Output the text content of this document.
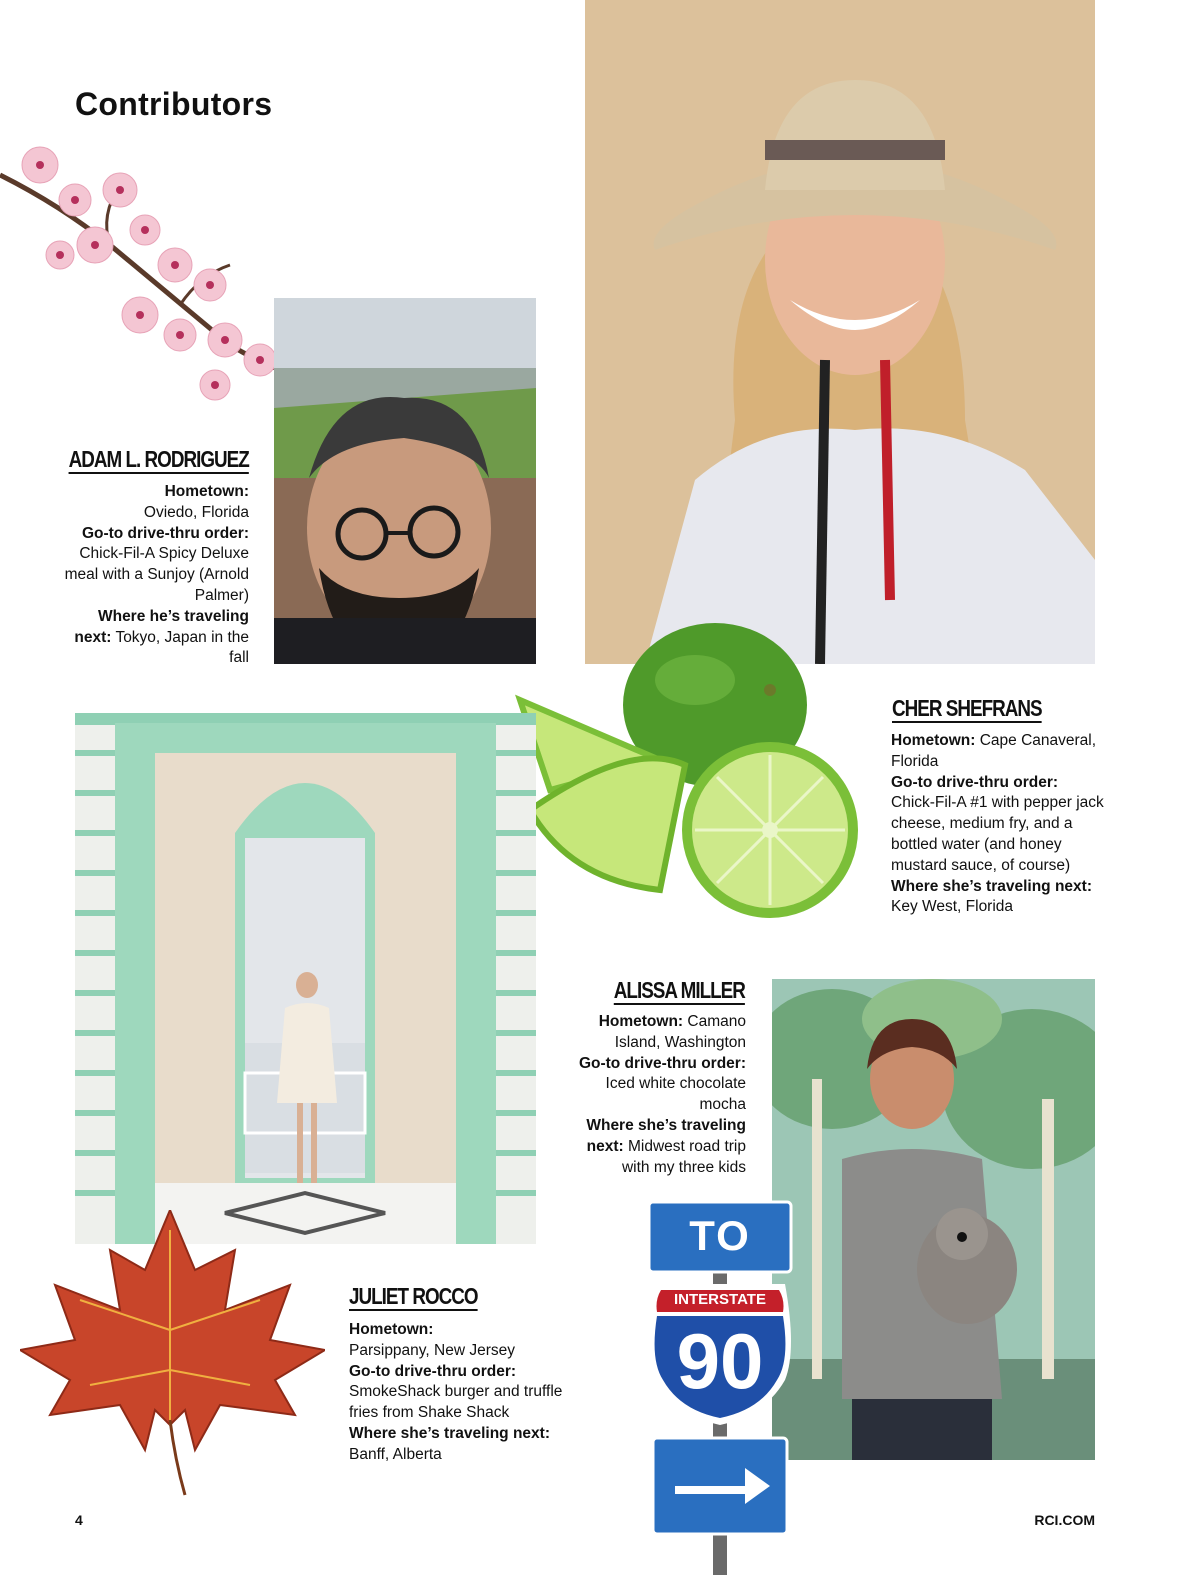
Contributors
ADAM L. RODRIGUEZ
Hometown:
Oviedo, Florida
Go-to drive-thru order:
Chick-Fil-A Spicy Deluxe meal with a Sunjoy (Arnold Palmer)
Where he’s traveling next: Tokyo, Japan in the fall
CHER SHEFRANS
Hometown: Cape Canaveral, Florida
Go-to drive-thru order:
Chick-Fil-A #1 with pepper jack cheese, medium fry, and a bottled water (and honey mustard sauce, of course)
Where she’s traveling next: Key West, Florida
JULIET ROCCO
Hometown:
Parsippany, New Jersey
Go-to drive-thru order:
SmokeShack burger and truffle fries from Shake Shack
Where she’s traveling next: Banff, Alberta
ALISSA MILLER
Hometown: Camano Island, Washington
Go-to drive-thru order: Iced white chocolate mocha
Where she’s traveling next: Midwest road trip with my three kids
TO
INTERSTATE
90
4	RCI.COM
